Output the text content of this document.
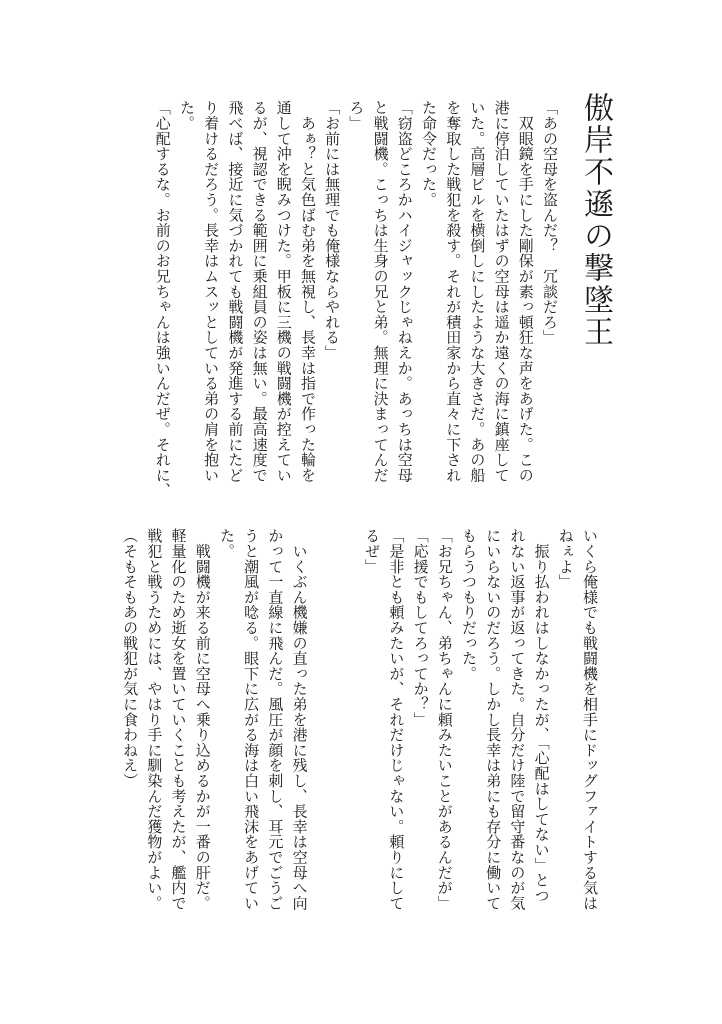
傲岸不遜の撃墜王
「あの空母を盗んだ？　冗談だろ」
　双眼鏡を手にした剛保が素っ頓狂な声をあげた。この
港に停泊していたはずの空母は遥か遠くの海に鎮座して
いた。高層ビルを横倒しにしたような大きさだ。あの船
を奪取した戦犯を殺す。それが積田家から直々に下され
た命令だった。
「窃盗どころかハイジャックじゃねえか。あっちは空母
と戦闘機。こっちは生身の兄と弟。無理に決まってんだ
ろ」
「お前には無理でも俺様ならやれる」
　あぁ？と気色ばむ弟を無視し、長幸は指で作った輪を
通して沖を睨みつけた。甲板に三機の戦闘機が控えてい
るが、視認できる範囲に乗組員の姿は無い。最高速度で
飛べば、接近に気づかれても戦闘機が発進する前にたど
り着けるだろう。長幸はムスッとしている弟の肩を抱い
た。
「心配するな。お前のお兄ちゃんは強いんだぜ。それに、
いくら俺様でも戦闘機を相手にドッグファイトする気は
ねぇよ」
　振り払われはしなかったが、「心配はしてない」とつ
れない返事が返ってきた。自分だけ陸で留守番なのが気
にいらないのだろう。しかし長幸は弟にも存分に働いて
もらうつもりだった。
「お兄ちゃん、弟ちゃんに頼みたいことがあるんだが」
「応援でもしてろってか？」
「是非とも頼みたいが、それだけじゃない。頼りにして
るぜ」

　いくぶん機嫌の直った弟を港に残し、長幸は空母へ向
かって一直線に飛んだ。風圧が顔を刺し、耳元でごうご
うと潮風が唸る。眼下に広がる海は白い飛沫をあげてい
た。
　戦闘機が来る前に空母へ乗り込めるかが一番の肝だ。
軽量化のため逝女を置いていくことも考えたが、艦内で
戦犯と戦うためには、やはり手に馴染んだ獲物がよい。
（そもそもあの戦犯が気に食わねえ）
